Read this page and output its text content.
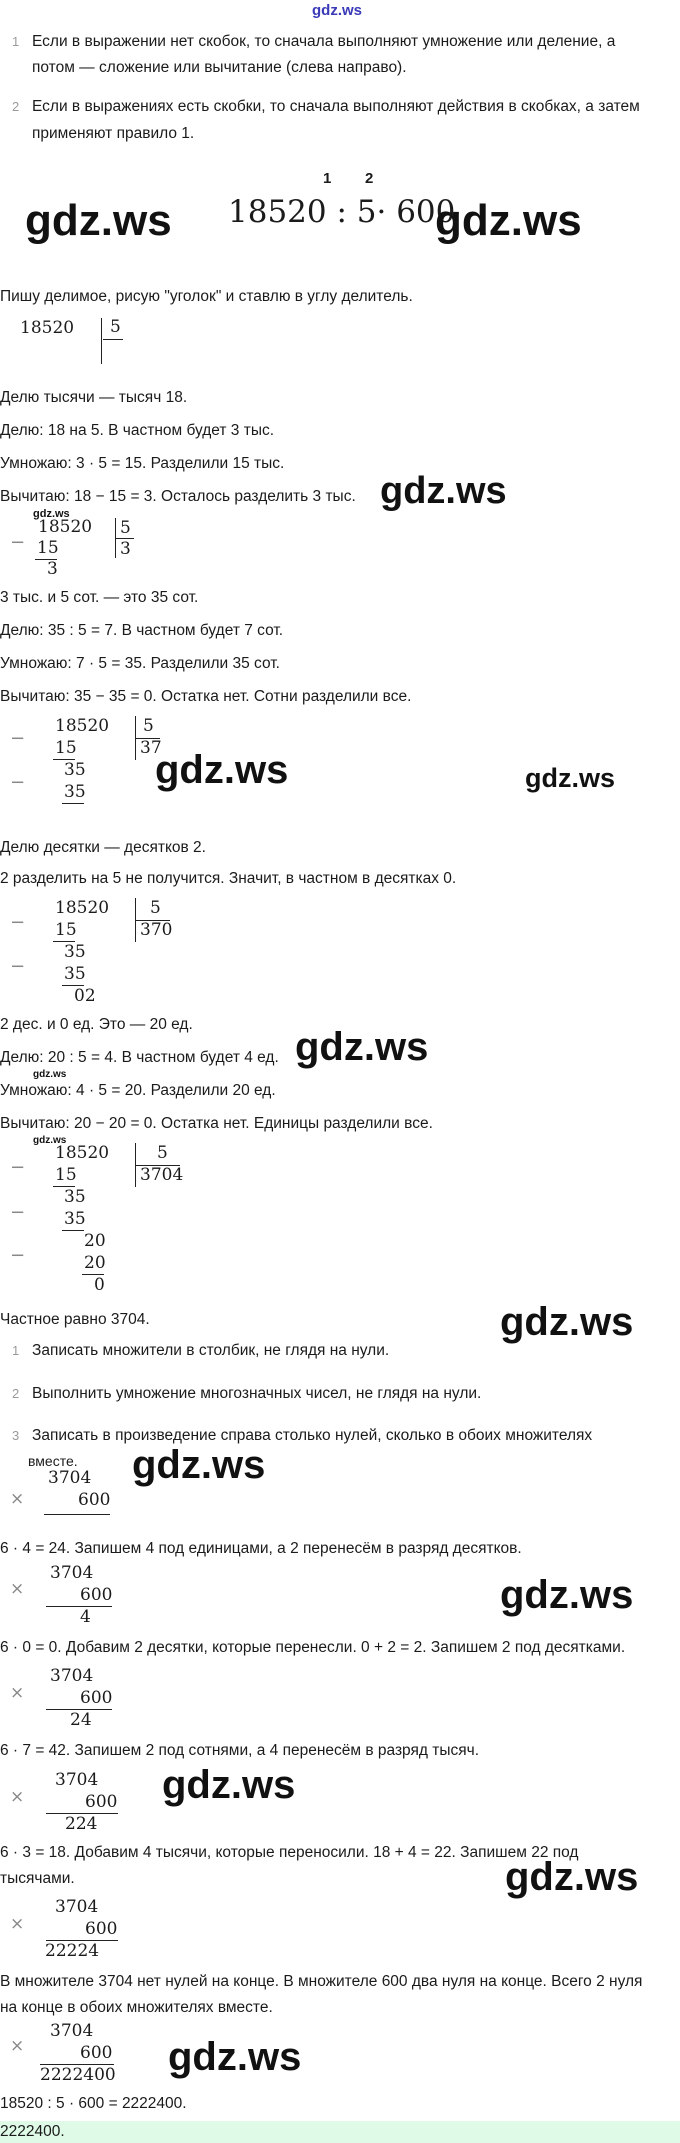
gdz.ws
1 Если в выражении нет скобок, то сначала выполняют умножение или деление, а
потом — сложение или вычитание (слева направо).
2 Если в выражениях есть скобки, то сначала выполняют действия в скобках, а затем
применяют правило 1.
gdz.ws
1 2
18520 : 5· 600
gdz.ws
Пишу делимое, рисую "уголок" и ставлю в углу делитель.
18520 5
Делю тысячи — тысяч 18.
Делю: 18 на 5. В частном будет 3 тыс.
Умножаю: 3 · 5 = 15. Разделили 15 тыс.
Вычитаю: 18 − 15 = 3. Осталось разделить 3 тыс. gdz.ws
gdz.ws
−
18520
15
3
5
3
3 тыс. и 5 сот. — это 35 сот.
Делю: 35 : 5 = 7. В частном будет 7 сот.
Умножаю: 7 · 5 = 35. Разделили 35 сот.
Вычитаю: 35 − 35 = 0. Остатка нет. Сотни разделили все.
−
18520
15
−
35
35
5
37
gdz.ws	gdz.ws
Делю десятки — десятков 2.
2 разделить на 5 не получится. Значит, в частном в десятках 0.
−
18520
15
−
35
35
02
5
370
2 дес. и 0 ед. Это — 20 ед.
Делю: 20 : 5 = 4. В частном будет 4 ед. gdz.ws
gdz.ws
Умножаю: 4 · 5 = 20. Разделили 20 ед.
Вычитаю: 20 − 20 = 0. Остатка нет. Единицы разделили все.
gdz.ws
−
18520
15
−
35
35
−
20
20
0
5
3704
Частное равно 3704.	gdz.ws
1 Записать множители в столбик, не глядя на нули.
2 Выполнить умножение многозначных чисел, не глядя на нули.
3 Записать в произведение справа столько нулей, сколько в обоих множителях
вместе.
×
3704
600
gdz.ws
6 · 4 = 24. Запишем 4 под единицами, а 2 перенесём в разряд десятков.
×
3704
600
4	gdz.ws
6 · 0 = 0. Добавим 2 десятки, которые перенесли. 0 + 2 = 2. Запишем 2 под десятками.
×
3704
600
24
6 · 7 = 42. Запишем 2 под сотнями, а 4 перенесём в разряд тысяч.
×
3704
600
224
gdz.ws
6 · 3 = 18. Добавим 4 тысячи, которые переносили. 18 + 4 = 22. Запишем 22 под
тысячами.	gdz.ws
×
3704
600
22224
В множителе 3704 нет нулей на конце. В множителе 600 два нуля на конце. Всего 2 нуля
на конце в обоих множителях вместе.
×
3704
600
2222400 gdz.ws
18520 : 5 · 600 = 2222400.
2222400.
